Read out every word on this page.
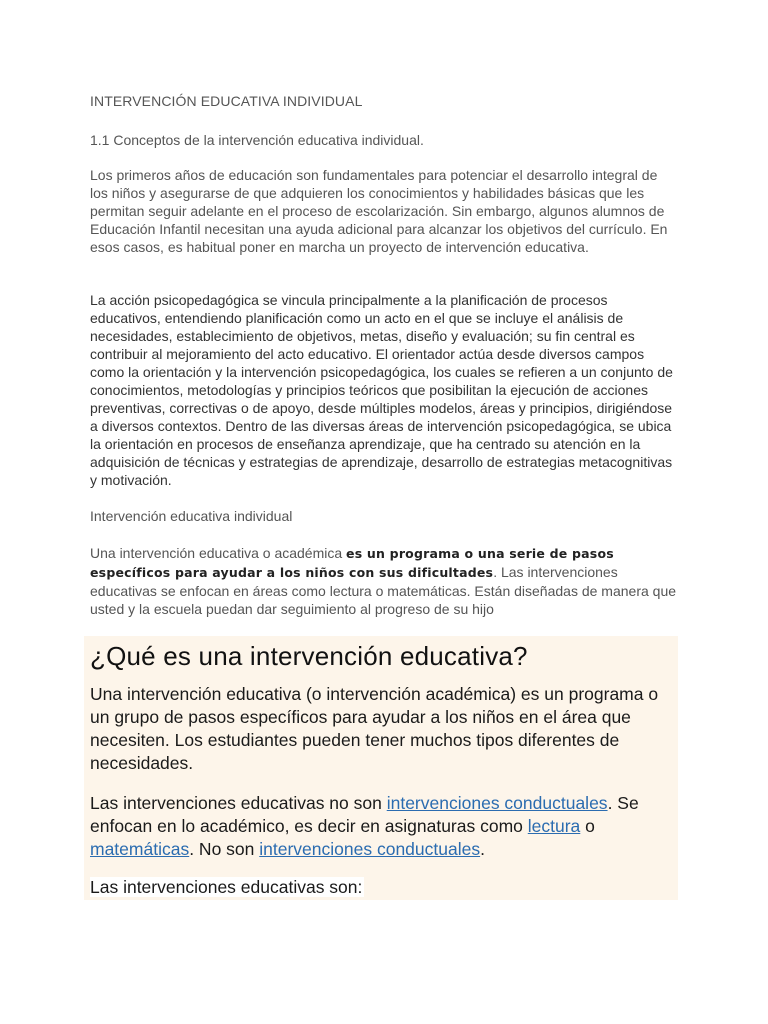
INTERVENCIÓN EDUCATIVA INDIVIDUAL
1.1 Conceptos de la intervención educativa individual.

Los primeros años de educación son fundamentales para potenciar el desarrollo integral de los niños y asegurarse de que adquieren los conocimientos y habilidades básicas que les permitan seguir adelante en el proceso de escolarización. Sin embargo, algunos alumnos de Educación Infantil necesitan una ayuda adicional para alcanzar los objetivos del currículo. En esos casos, es habitual poner en marcha un proyecto de intervención educativa.

La acción psicopedagógica se vincula principalmente a la planificación de procesos educativos, entendiendo planificación como un acto en el que se incluye el análisis de necesidades, establecimiento de objetivos, metas, diseño y evaluación; su fin central es contribuir al mejoramiento del acto educativo. El orientador actúa desde diversos campos como la orientación y la intervención psicopedagógica, los cuales se refieren a un conjunto de conocimientos, metodologías y principios teóricos que posibilitan la ejecución de acciones preventivas, correctivas o de apoyo, desde múltiples modelos, áreas y principios, dirigiéndose a diversos contextos. Dentro de las diversas áreas de intervención psicopedagógica, se ubica la orientación en procesos de enseñanza aprendizaje, que ha centrado su atención en la adquisición de técnicas y estrategias de aprendizaje, desarrollo de estrategias metacognitivas y motivación.

Intervención educativa individual

Una intervención educativa o académica es un programa o una serie de pasos específicos para ayudar a los niños con sus dificultades. Las intervenciones educativas se enfocan en áreas como lectura o matemáticas. Están diseñadas de manera que usted y la escuela puedan dar seguimiento al progreso de su hijo

¿Qué es una intervención educativa?

Una intervención educativa (o intervención académica) es un programa o un grupo de pasos específicos para ayudar a los niños en el área que necesiten. Los estudiantes pueden tener muchos tipos diferentes de necesidades.

Las intervenciones educativas no son intervenciones conductuales. Se enfocan en lo académico, es decir en asignaturas como lectura o matemáticas. No son intervenciones conductuales.

Las intervenciones educativas son:
